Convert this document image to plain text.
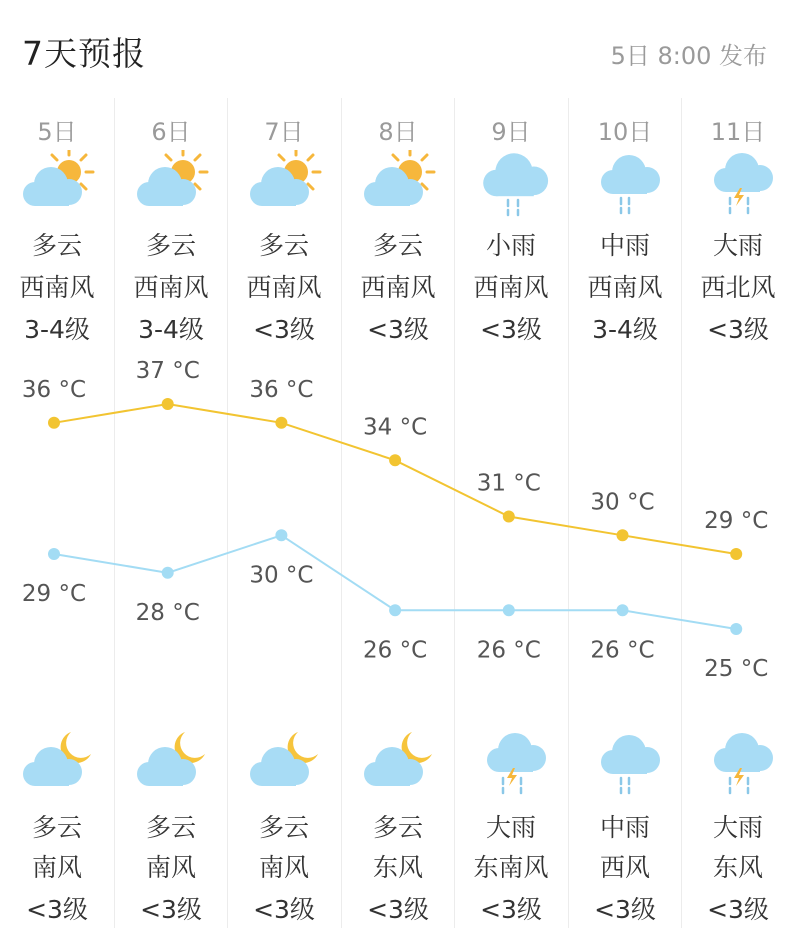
7天预报	5日 8:00 发布
5日
多云
西南风
3-4级
多云
南风
<3级
6日
多云
西南风
3-4级
多云
南风
<3级
7日
多云
西南风
<3级
多云
南风
<3级
8日
多云
西南风
<3级
多云
东风
<3级
9日
小雨
西南风
<3级
大雨
东南风
<3级
10日
中雨
西南风
3-4级
中雨
西风
<3级
11日
大雨
西北风
<3级
大雨
东风
<3级
36 °C
37 °C
36 °C
34 °C
31 °C
30 °C
29 °C
29 °C
28 °C
30 °C
26 °C 26 °C 26 °C
25 °C
